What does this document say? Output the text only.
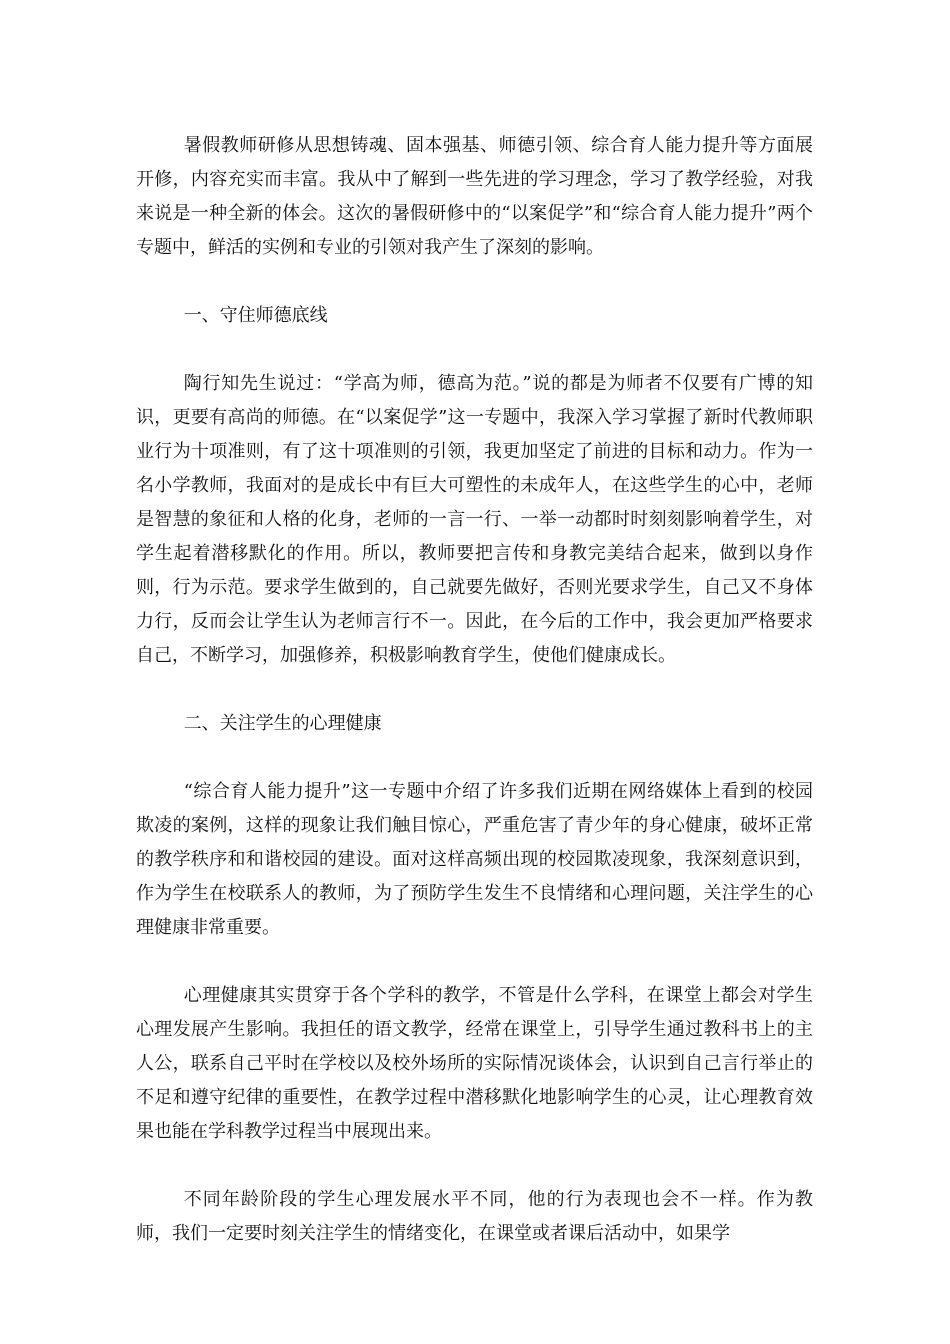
暑假教师研修从思想铸魂、固本强基、师德引领、综合育人能力提升等方面展开修，内容充实而丰富。我从中了解到一些先进的学习理念，学习了教学经验，对我来说是一种全新的体会。这次的暑假研修中的“以案促学”和“综合育人能力提升”两个专题中，鲜活的实例和专业的引领对我产生了深刻的影响。

一、守住师德底线

陶行知先生说过：“学高为师，德高为范。”说的都是为师者不仅要有广博的知识，更要有高尚的师德。在“以案促学”这一专题中，我深入学习掌握了新时代教师职业行为十项准则，有了这十项准则的引领，我更加坚定了前进的目标和动力。作为一名小学教师，我面对的是成长中有巨大可塑性的未成年人，在这些学生的心中，老师是智慧的象征和人格的化身，老师的一言一行、一举一动都时时刻刻影响着学生，对学生起着潜移默化的作用。所以，教师要把言传和身教完美结合起来，做到以身作则，行为示范。要求学生做到的，自己就要先做好，否则光要求学生，自己又不身体力行，反而会让学生认为老师言行不一。因此，在今后的工作中，我会更加严格要求自己，不断学习，加强修养，积极影响教育学生，使他们健康成长。

二、关注学生的心理健康

“综合育人能力提升”这一专题中介绍了许多我们近期在网络媒体上看到的校园欺凌的案例，这样的现象让我们触目惊心，严重危害了青少年的身心健康，破坏正常的教学秩序和和谐校园的建设。面对这样高频出现的校园欺凌现象，我深刻意识到，作为学生在校联系人的教师，为了预防学生发生不良情绪和心理问题，关注学生的心理健康非常重要。

心理健康其实贯穿于各个学科的教学，不管是什么学科，在课堂上都会对学生心理发展产生影响。我担任的语文教学，经常在课堂上，引导学生通过教科书上的主人公，联系自己平时在学校以及校外场所的实际情况谈体会，认识到自己言行举止的不足和遵守纪律的重要性，在教学过程中潜移默化地影响学生的心灵，让心理教育效果也能在学科教学过程当中展现出来。

不同年龄阶段的学生心理发展水平不同，他的行为表现也会不一样。作为教师，我们一定要时刻关注学生的情绪变化，在课堂或者课后活动中，如果学
